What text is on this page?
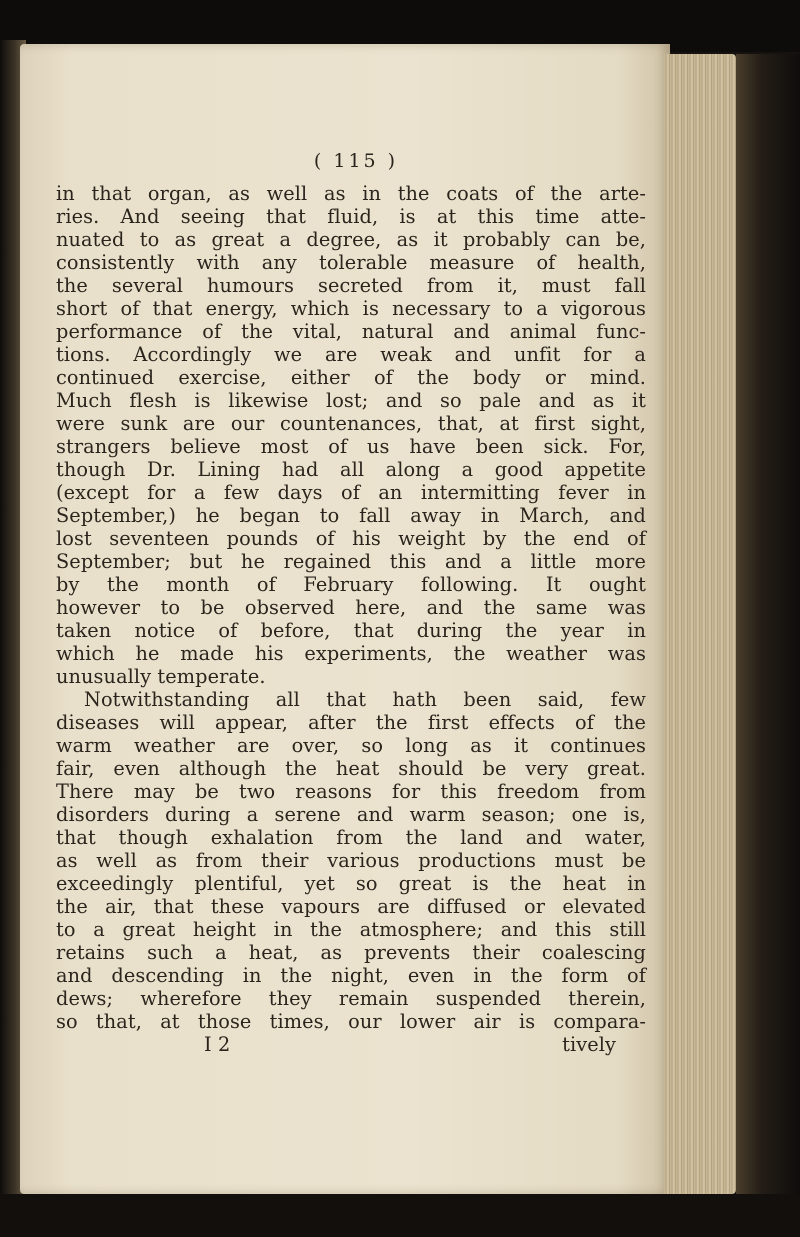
( 115 )
in that organ, as well as in the coats of the arte-
ries. And seeing that fluid, is at this time atte-
nuated to as great a degree, as it probably can be,
consistently with any tolerable measure of health,
the several humours secreted from it, must fall
short of that energy, which is necessary to a vigorous
performance of the vital, natural and animal func-
tions. Accordingly we are weak and unfit for a
continued exercise, either of the body or mind.
Much flesh is likewise lost; and so pale and as it
were sunk are our countenances, that, at first sight,
strangers believe most of us have been sick. For,
though Dr. Lining had all along a good appetite
(except for a few days of an intermitting fever in
September,) he began to fall away in March, and
lost seventeen pounds of his weight by the end of
September; but he regained this and a little more
by the month of February following. It ought
however to be observed here, and the same was
taken notice of before, that during the year in
which he made his experiments, the weather was
unusually temperate.
Notwithstanding all that hath been said, few
diseases will appear, after the first effects of the
warm weather are over, so long as it continues
fair, even although the heat should be very great.
There may be two reasons for this freedom from
disorders during a serene and warm season; one is,
that though exhalation from the land and water,
as well as from their various productions must be
exceedingly plentiful, yet so great is the heat in
the air, that these vapours are diffused or elevated
to a great height in the atmosphere; and this still
retains such a heat, as prevents their coalescing
and descending in the night, even in the form of
dews; wherefore they remain suspended therein,
so that, at those times, our lower air is compara-
I 2	tively
